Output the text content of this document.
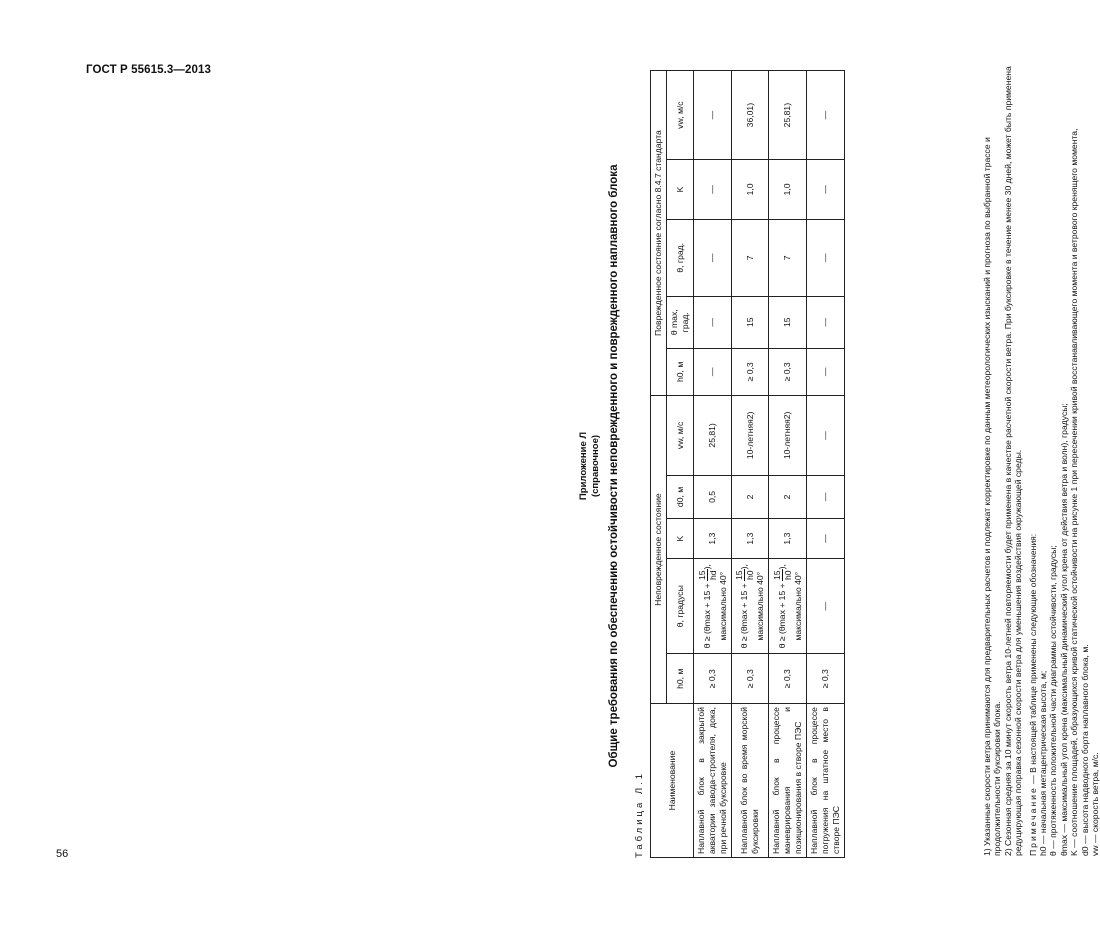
ГОСТ Р 55615.3—2013
Приложение Л (справочное) Общие требования по обеспечению остойчивости неповрежденного и поврежденного наплавного блока
Таблица Л.1	Наименование	Неповрежденное состояние					Поврежденное состояние согласно 8.4.7 стандарта				
	h0, м	θ, градусы	K	d0, м	vw, м/с	h0, м	θ max, град.	θ, град.	K	vw, м/с
Наплавной блок в закрытой акватории завода-строителя, дока, при речной буксировке	≥ 0,3	θ ≥ (θmax + 15 +
15 hd
),
максимально 40°	1,3	0,5	25,81)	—	—	—	—	—
Наплавной блок во время морской буксировки	≥ 0,3	θ ≥ (θmax + 15 +
15 h0
),
максимально 40°	1,3	2	10-летняя2)	≥ 0,3	15	7	1,0	36,01)
Наплавной блок в процессе маневрирования и позиционирования в створе ПЭС	≥ 0,3	θ ≥ (θmax + 15 +
15 h0
),
максимально 40°	1,3	2	10-летняя2)	≥ 0,3	15	7	1,0	25,81)
Наплавной блок в процессе погружения на штатное место в створе ПЭС	≥ 0,3	—	—	—	—	—	—	—	—	—

1) Указанные скорости ветра принимаются для предварительных расчетов и подлежат корректировке по данным метеорологических изысканий и прогноза по выбранной трассе и продолжительности буксировки блока. 2) Сезонная средняя за 10 минут скорость ветра 10-летней повторяемости будет применена в качестве расчетной скорости ветра. При буксировке в течение менее 30 дней, может быть применена редуцирующая поправка сезонной скорости ветра для уменьшения воздействия окружающей среды. Примечание — В настоящей таблице применены следующие обозначения: h0 — начальная метацентрическая высота, м; θ — протяженность положительной части диаграммы остойчивости, градусы; θmax — максимальный угол крена (максимальный динамический угол крена от действия ветра и волн), градусы; K — соотношение площадей, образующихся кривой статической остойчивости на рисунке 1 при пересечении кривой восстанавливающего момента и ветрового кренящего момента, d0 — высота надводного борта наплавного блока, м. vw — скорость ветра, м/с.

56
